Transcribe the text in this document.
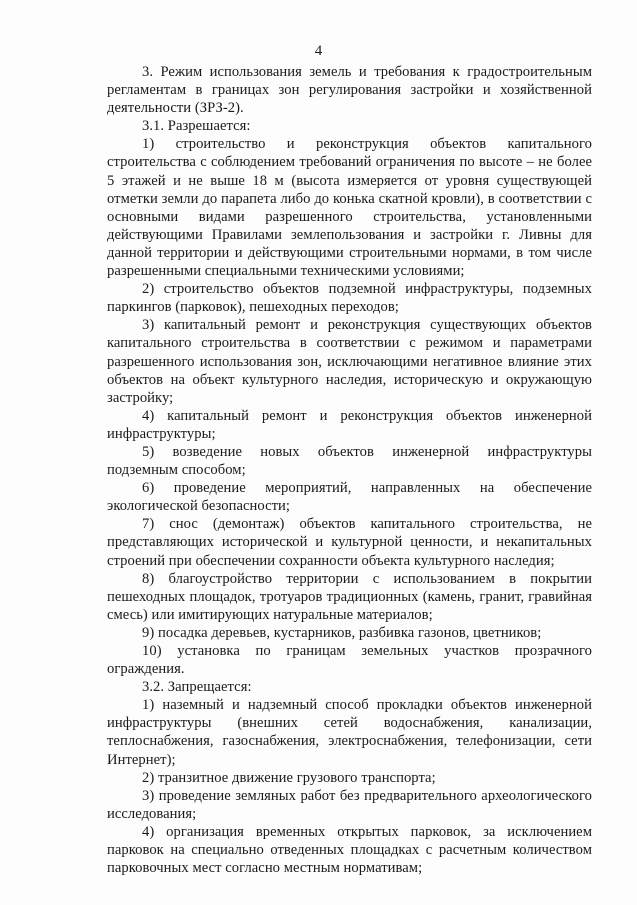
4

3. Режим использования земель и требования к градостроительным регламентам в границах зон регулирования застройки и хозяйственной деятельности (ЗРЗ-2).

3.1. Разрешается:

1) строительство и реконструкция объектов капитального строительства с соблюдением требований ограничения по высоте – не более 5 этажей и не выше 18 м (высота измеряется от уровня существующей отметки земли до парапета либо до конька скатной кровли), в соответствии с основными видами разрешенного строительства, установленными действующими Правилами землепользования и застройки г. Ливны для данной территории и действующими строительными нормами, в том числе разрешенными специальными техническими условиями;

2) строительство объектов подземной инфраструктуры, подземных паркингов (парковок), пешеходных переходов;

3) капитальный ремонт и реконструкция существующих объектов капитального строительства в соответствии с режимом и параметрами разрешенного использования зон, исключающими негативное влияние этих объектов на объект культурного наследия, историческую и окружающую застройку;

4) капитальный ремонт и реконструкция объектов инженерной инфраструктуры;

5) возведение новых объектов инженерной инфраструктуры подземным способом;

6) проведение мероприятий, направленных на обеспечение экологической безопасности;

7) снос (демонтаж) объектов капитального строительства, не представляющих исторической и культурной ценности, и некапитальных строений при обеспечении сохранности объекта культурного наследия;

8) благоустройство территории с использованием в покрытии пешеходных площадок, тротуаров традиционных (камень, гранит, гравийная смесь) или имитирующих натуральные материалов;

9) посадка деревьев, кустарников, разбивка газонов, цветников;

10) установка по границам земельных участков прозрачного ограждения.

3.2. Запрещается:

1) наземный и надземный способ прокладки объектов инженерной инфраструктуры (внешних сетей водоснабжения, канализации, теплоснабжения, газоснабжения, электроснабжения, телефонизации, сети Интернет);

2) транзитное движение грузового транспорта;

3) проведение земляных работ без предварительного археологического исследования;

4) организация временных открытых парковок, за исключением парковок на специально отведенных площадках с расчетным количеством парковочных мест согласно местным нормативам;
